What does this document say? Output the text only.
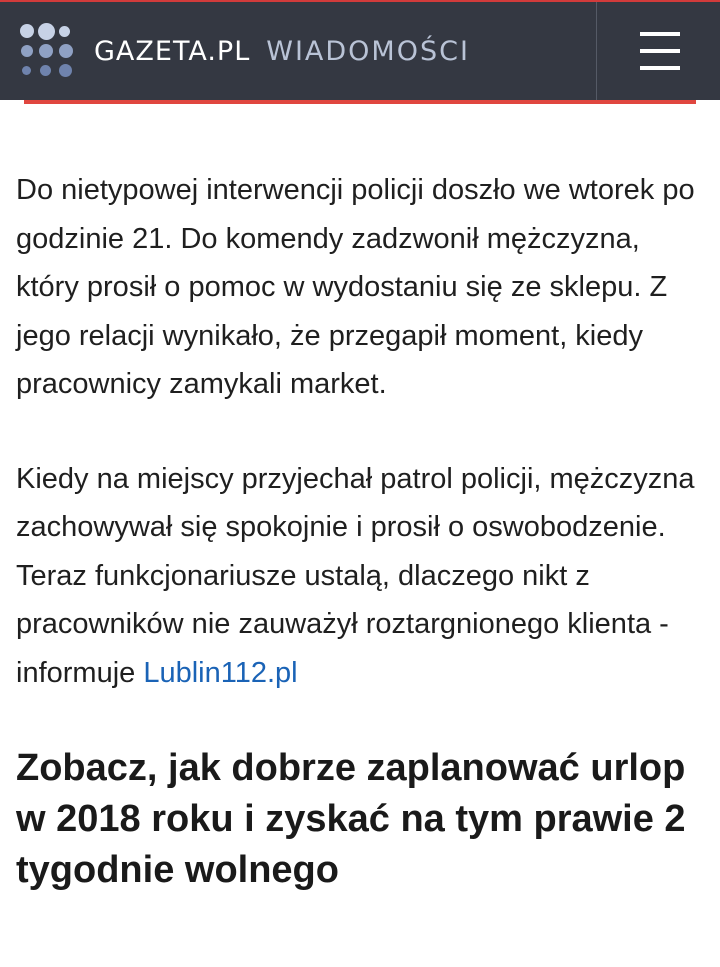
GAZETA.PL WIADOMOŚCI

Do nietypowej interwencji policji doszło we wtorek po godzinie 21. Do komendy zadzwonił mężczyzna, który prosił o pomoc w wydostaniu się ze sklepu. Z jego relacji wynikało, że przegapił moment, kiedy pracownicy zamykali market.

Kiedy na miejscy przyjechał patrol policji, mężczyzna zachowywał się spokojnie i prosił o oswobodzenie. Teraz funkcjonariusze ustalą, dlaczego nikt z pracowników nie zauważył roztargnionego klienta - informuje Lublin112.pl

Zobacz, jak dobrze zaplanować urlop w 2018 roku i zyskać na tym prawie 2 tygodnie wolnego
